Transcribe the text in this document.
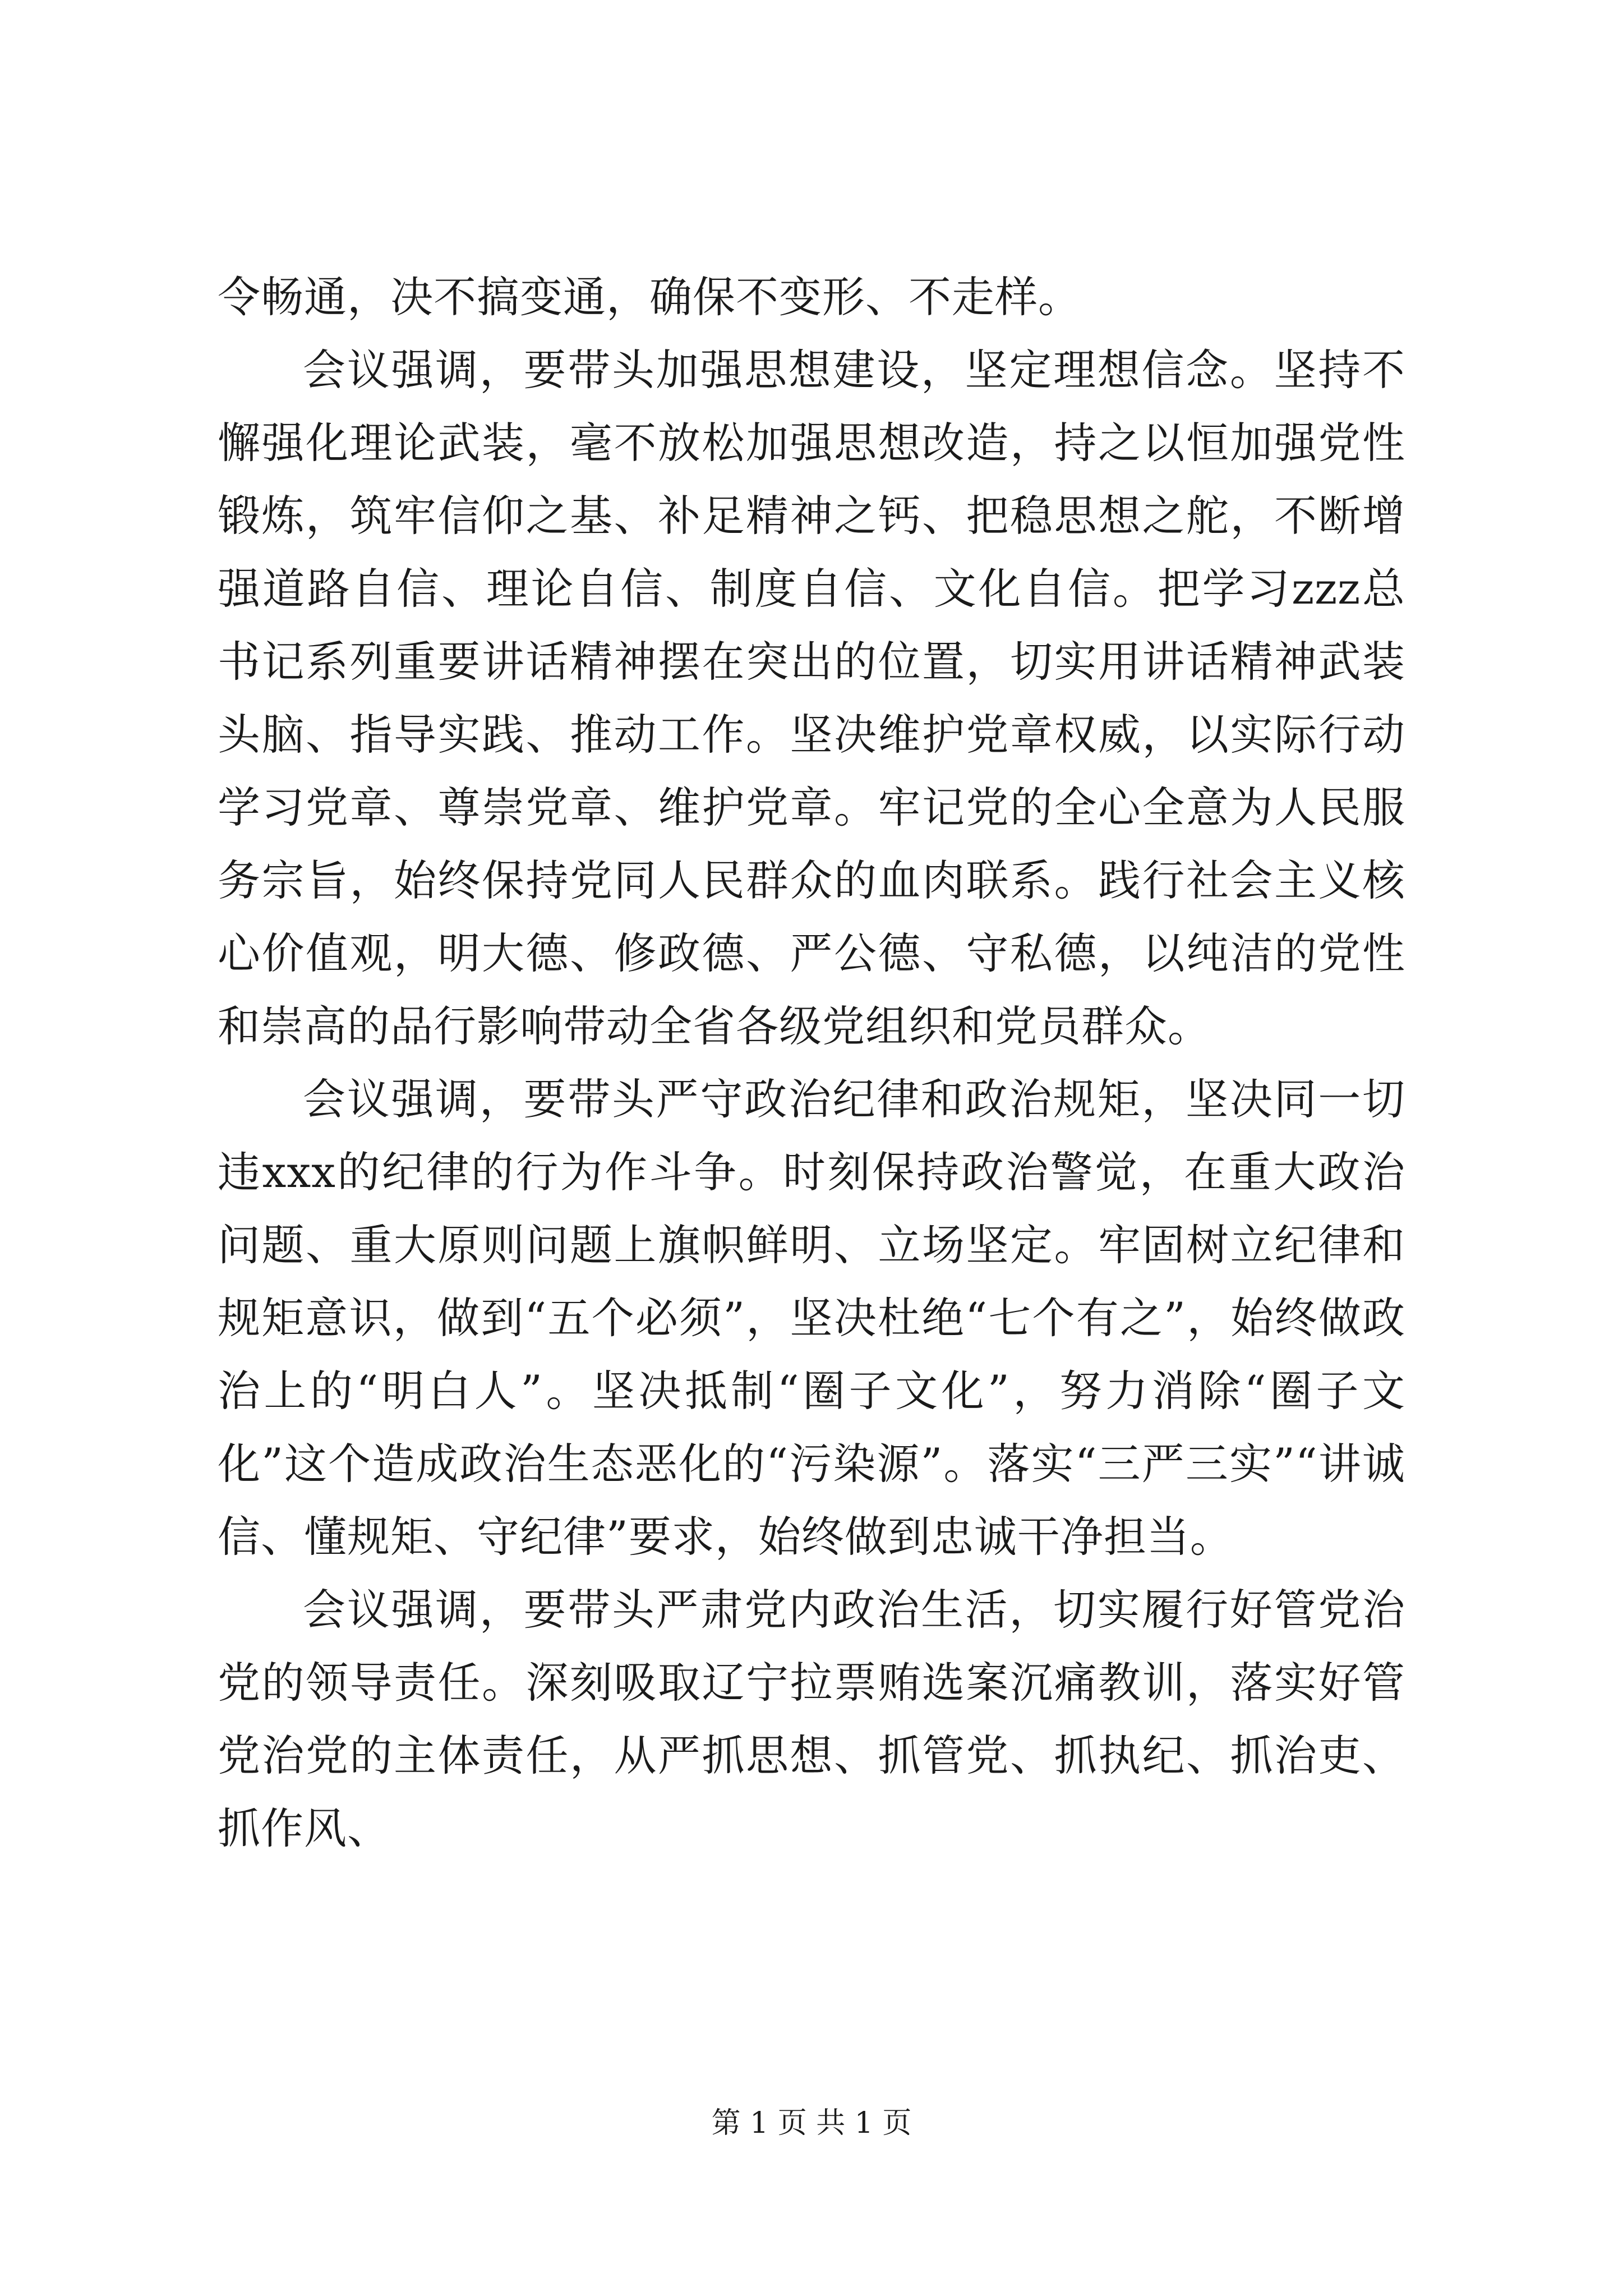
令畅通，决不搞变通，确保不变形、不走样。

会议强调，要带头加强思想建设，坚定理想信念。坚持不懈强化理论武装，毫不放松加强思想改造，持之以恒加强党性锻炼，筑牢信仰之基、补足精神之钙、把稳思想之舵，不断增强道路自信、理论自信、制度自信、文化自信。把学习zzz总书记系列重要讲话精神摆在突出的位置，切实用讲话精神武装头脑、指导实践、推动工作。坚决维护党章权威，以实际行动学习党章、尊崇党章、维护党章。牢记党的全心全意为人民服务宗旨，始终保持党同人民群众的血肉联系。践行社会主义核心价值观，明大德、修政德、严公德、守私德，以纯洁的党性和崇高的品行影响带动全省各级党组织和党员群众。

会议强调，要带头严守政治纪律和政治规矩，坚决同一切违xxx的纪律的行为作斗争。时刻保持政治警觉，在重大政治问题、重大原则问题上旗帜鲜明、立场坚定。牢固树立纪律和规矩意识，做到“五个必须”，坚决杜绝“七个有之”，始终做政治上的“明白人”。坚决抵制“圈子文化”，努力消除“圈子文化”这个造成政治生态恶化的“污染源”。落实“三严三实”“讲诚信、懂规矩、守纪律”要求，始终做到忠诚干净担当。

会议强调，要带头严肃党内政治生活，切实履行好管党治党的领导责任。深刻吸取辽宁拉票贿选案沉痛教训，落实好管党治党的主体责任，从严抓思想、抓管党、抓执纪、抓治吏、抓作风、

第 1 页 共 1 页
